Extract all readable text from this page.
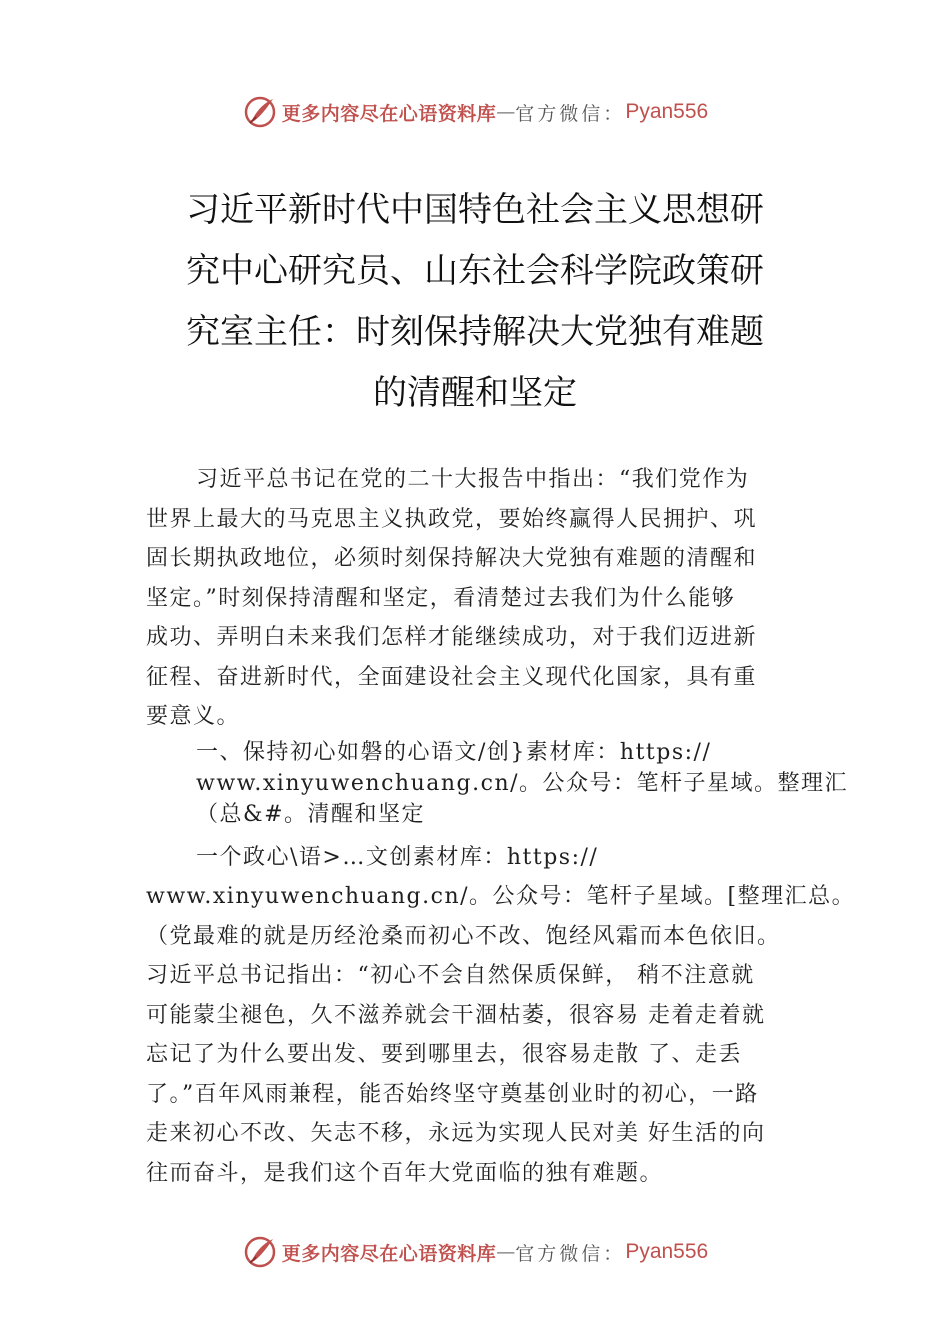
更多内容尽在心语资料库 — 官方微信： Pyan556
习近平新时代中国特色社会主义思想研
究中心研究员、山东社会科学院政策研
究室主任：时刻保持解决大党独有难题
的清醒和坚定
习近平总书记在党的二十大报告中指出：“我们党作为
世界上最大的马克思主义执政党，要始终赢得人民拥护、巩
固长期执政地位，必须时刻保持解决大党独有难题的清醒和
坚定。”时刻保持清醒和坚定，看清楚过去我们为什么能够
成功、弄明白未来我们怎样才能继续成功，对于我们迈进新
征程、奋进新时代，全面建设社会主义现代化国家，具有重
要意义。
一、保持初心如磐的心语文/创}素材库：https://
www.xinyuwenchuang.cn/。公众号：笔杆子星域。整理汇
（总&#。清醒和坚定
一个政心\语>…文创素材库：https://
www.xinyuwenchuang.cn/。公众号：笔杆子星域。[整理汇总。
（党最难的就是历经沧桑而初心不改、饱经风霜而本色依旧。
习近平总书记指出：“初心不会自然保质保鲜， 稍不注意就
可能蒙尘褪色，久不滋养就会干涸枯萎，很容易 走着走着就
忘记了为什么要出发、要到哪里去，很容易走散 了、走丢
了。”百年风雨兼程，能否始终坚守奠基创业时的初心，一路
走来初心不改、矢志不移，永远为实现人民对美 好生活的向
往而奋斗，是我们这个百年大党面临的独有难题。
更多内容尽在心语资料库 — 官方微信： Pyan556
